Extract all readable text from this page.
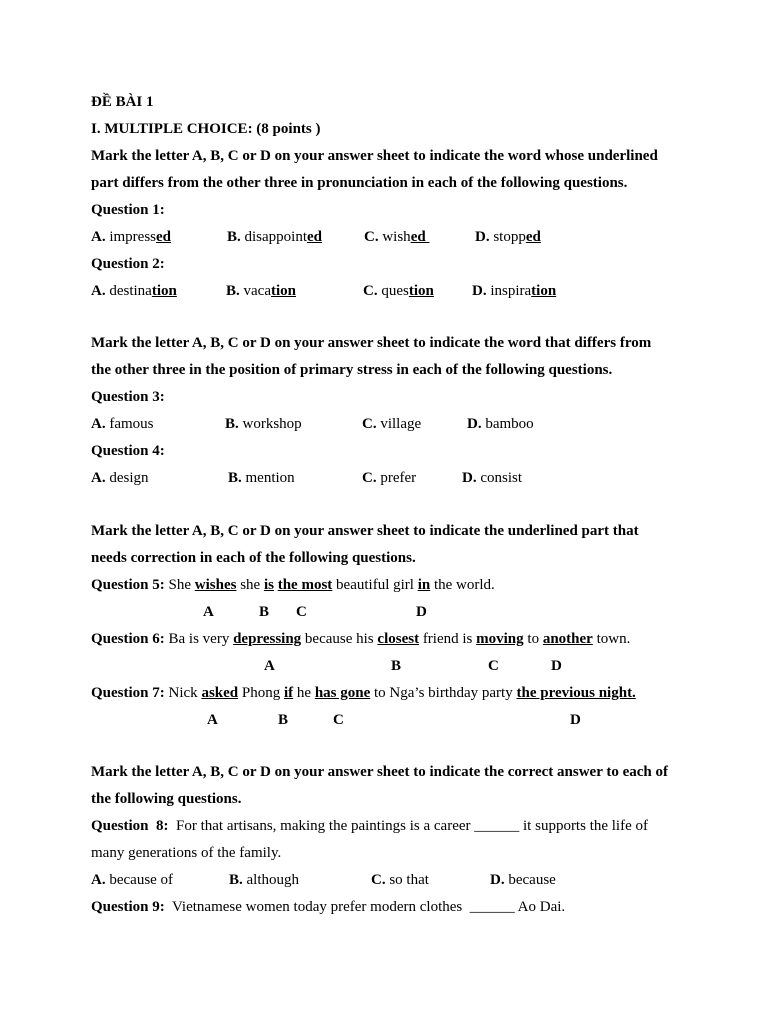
ĐỀ BÀI 1
I. MULTIPLE CHOICE: (8 points )
Mark the letter A, B, C or D on your answer sheet to indicate the word whose underlined
part differs from the other three in pronunciation in each of the following questions.
Question 1:
A. impressed	B. disappointed	C. wished	D. stopped
Question 2:
A. destination	B. vacation	C. question	D. inspiration
Mark the letter A, B, C or D on your answer sheet to indicate the word that differs from
the other three in the position of primary stress in each of the following questions.
Question 3:
A. famous	B. workshop	C. village	D. bamboo
Question 4:
A. design	B. mention	C. prefer	D. consist
Mark the letter A, B, C or D on your answer sheet to indicate the underlined part that
needs correction in each of the following questions.
Question 5: She wishes she is the most beautiful girl in the world.
A	B C	D
Question 6: Ba is very depressing because his closest friend is moving to another town.
A	B	C	D
Question 7: Nick asked Phong if he has gone to Nga’s birthday party the previous night.
A	B	C	D
Mark the letter A, B, C or D on your answer sheet to indicate the correct answer to each of
the following questions.
Question  8:  For that artisans, making the paintings is a career ______ it supports the life of
many generations of the family.
A. because of	B. although	C. so that	D. because
Question 9:  Vietnamese women today prefer modern clothes  ______ Ao Dai.
